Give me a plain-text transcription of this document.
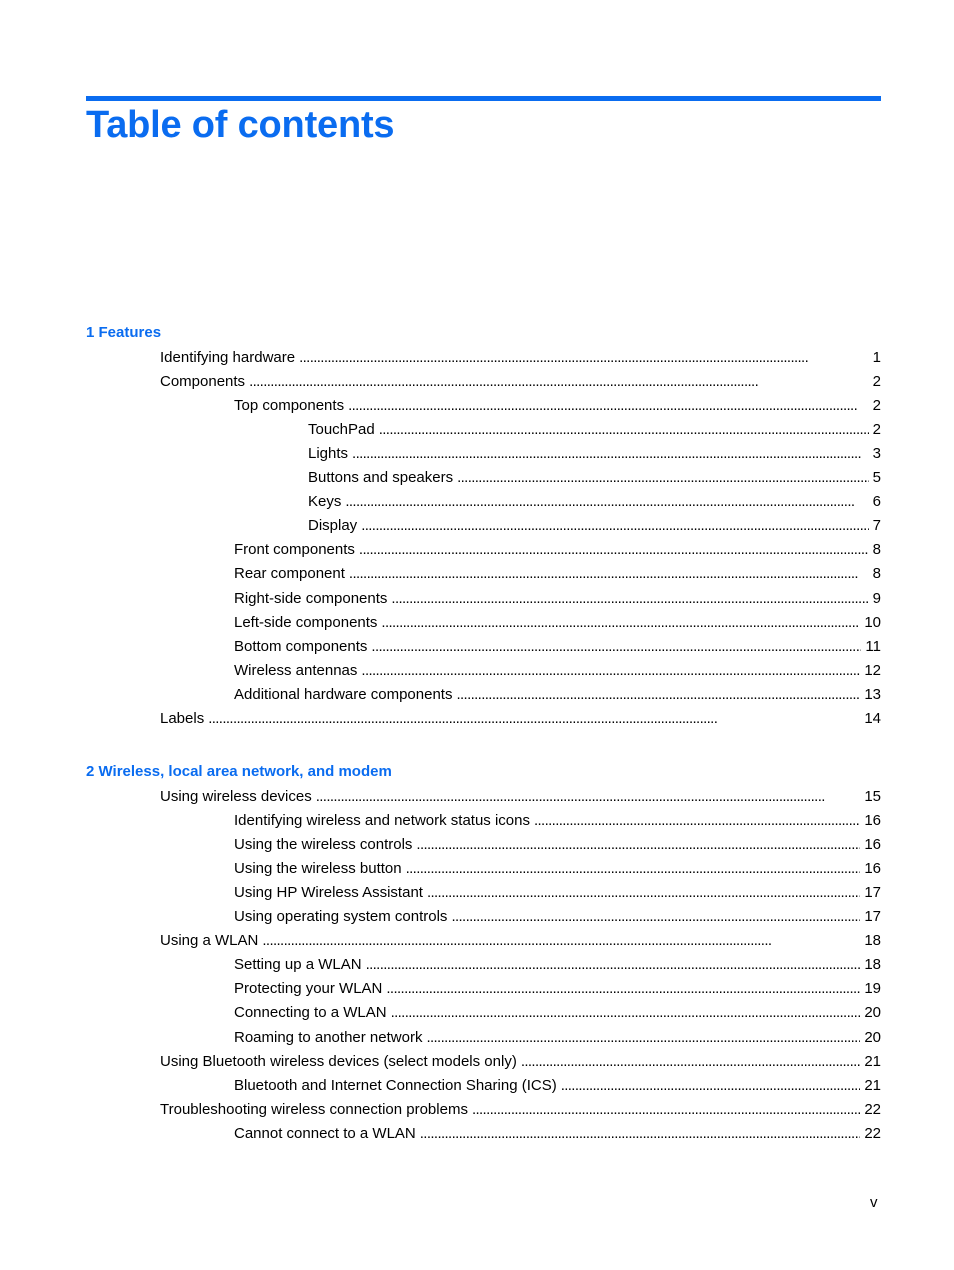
Table of contents
1 Features
Identifying hardware . . .	1
Components . . .	2
Top components . . .	2
TouchPad . . .	2
Lights . . .	3
Buttons and speakers . . .	5
Keys . . .	6
Display . . .	7
Front components . . .	8
Rear component . . .	8
Right-side components . . .	9
Left-side components . . .	10
Bottom components . . .	11
Wireless antennas . . .	12
Additional hardware components . . .	13
Labels . . .	14
2 Wireless, local area network, and modem
Using wireless devices . . .	15
Identifying wireless and network status icons . . .	16
Using the wireless controls . . .	16
Using the wireless button . . .	16
Using HP Wireless Assistant . . .	17
Using operating system controls . . .	17
Using a WLAN . . .	18
Setting up a WLAN . . .	18
Protecting your WLAN . . .	19
Connecting to a WLAN . . .	20
Roaming to another network . . .	20
Using Bluetooth wireless devices (select models only) . . .	21
Bluetooth and Internet Connection Sharing (ICS) . . .	21
Troubleshooting wireless connection problems . . .	22
Cannot connect to a WLAN . . .	22
v
